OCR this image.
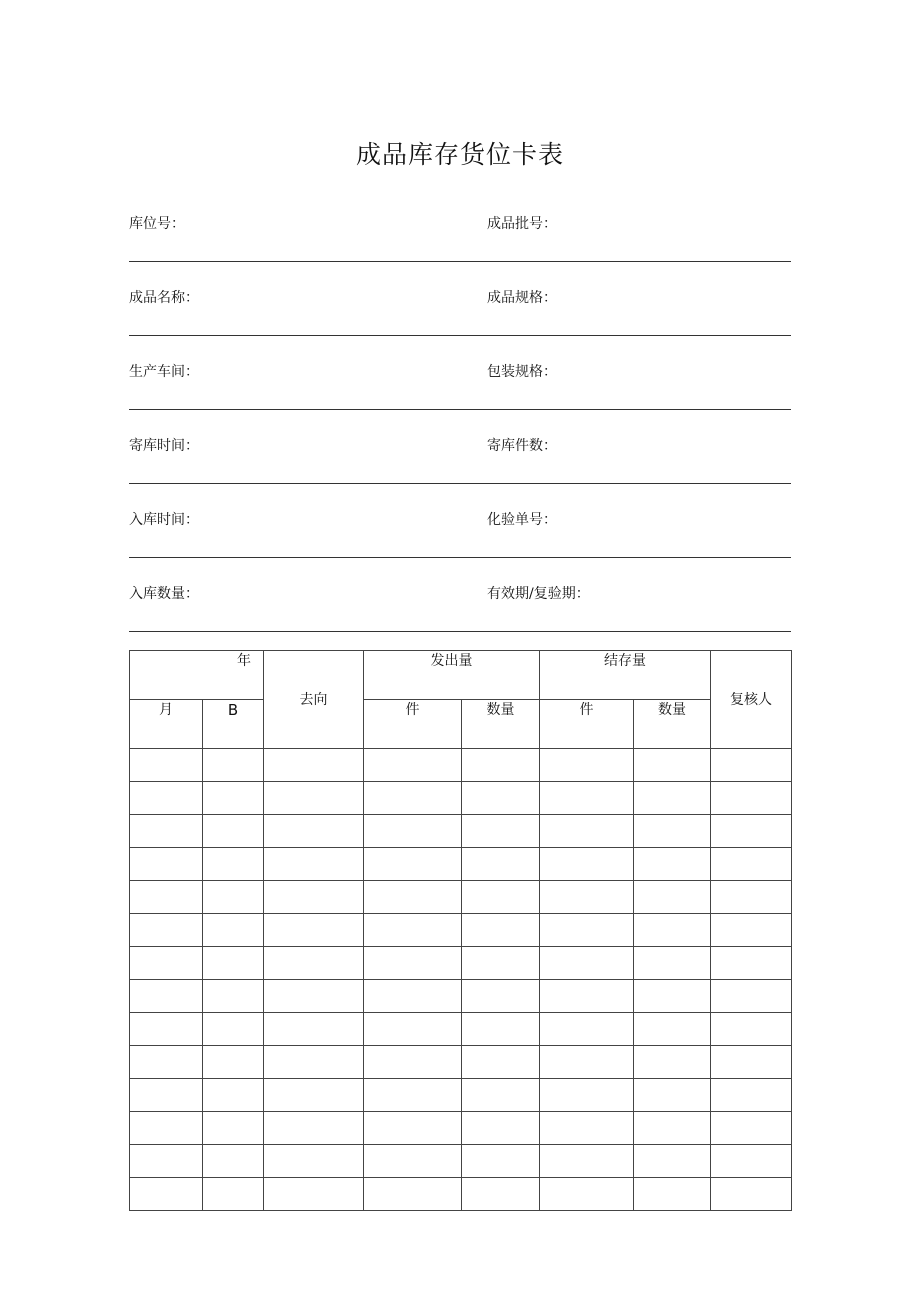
成品库存货位卡表
库位号：	成品批号：
成品名称：	成品规格：
生产车间：	包装规格：
寄库时间：	寄库件数：
入库时间：	化验单号：
入库数量：	有效期/复验期：
年		去向	发出量		结存量		复核人
月	B		件	数量	件	数量	
